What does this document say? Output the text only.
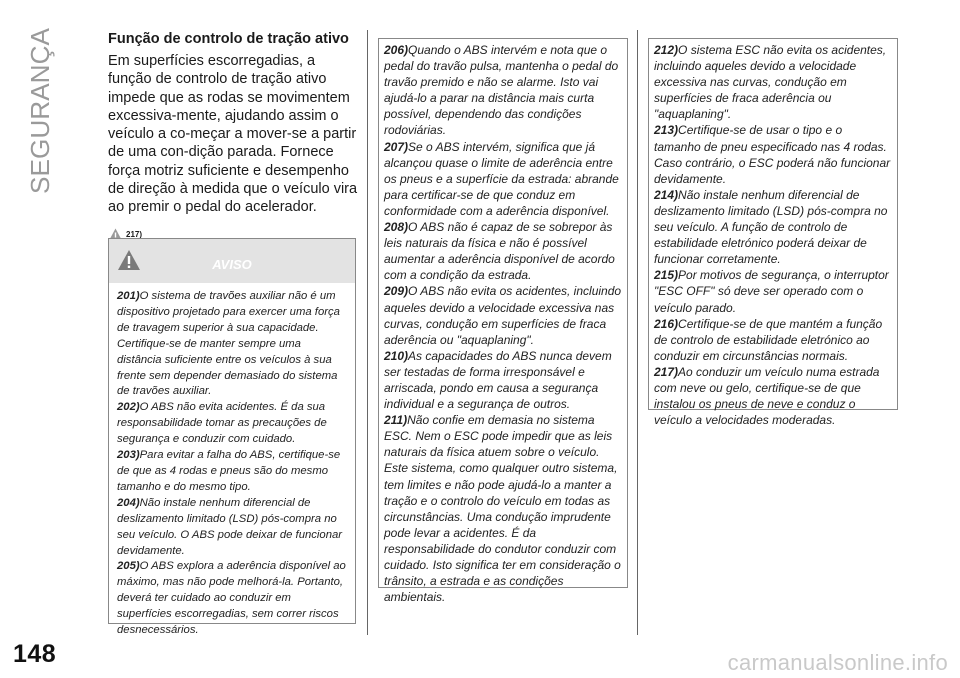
SEGURANÇA	Função de controlo de tração ativo

Em superfícies escorregadias, a função de controlo de tração ativo impede que as rodas se movimentem excessiva-mente, ajudando assim o veículo a co-meçar a mover-se a partir de uma con-dição parada. Fornece força motriz suficiente e desempenho de direção à medida que o veículo vira ao premir o pedal do acelerador.

217)
AVISO

201)O sistema de travões auxiliar não é um dispositivo projetado para exercer uma força de travagem superior à sua capacidade. Certifique-se de manter sempre uma distância suficiente entre os veículos à sua frente sem depender demasiado do sistema de travões auxiliar.

202)O ABS não evita acidentes. É da sua responsabilidade tomar as precauções de segurança e conduzir com cuidado.

203)Para evitar a falha do ABS, certifique-se de que as 4 rodas e pneus são do mesmo tamanho e do mesmo tipo.

204)Não instale nenhum diferencial de deslizamento limitado (LSD) pós-compra no seu veículo. O ABS pode deixar de funcionar devidamente.

205)O ABS explora a aderência disponível ao máximo, mas não pode melhorá-la. Portanto, deverá ter cuidado ao conduzir em superfícies escorregadias, sem correr riscos desnecessários.

206)Quando o ABS intervém e nota que o pedal do travão pulsa, mantenha o pedal do travão premido e não se alarme. Isto vai ajudá-lo a parar na distância mais curta possível, dependendo das condições rodoviárias.

207)Se o ABS intervém, significa que já alcançou quase o limite de aderência entre os pneus e a superfície da estrada: abrande para certificar-se de que conduz em conformidade com a aderência disponível.

208)O ABS não é capaz de se sobrepor às leis naturais da física e não é possível aumentar a aderência disponível de acordo com a condição da estrada.

209)O ABS não evita os acidentes, incluindo aqueles devido a velocidade excessiva nas curvas, condução em superfícies de fraca aderência ou "aquaplaning".

210)As capacidades do ABS nunca devem ser testadas de forma irresponsável e arriscada, pondo em causa a segurança individual e a segurança de outros.

211)Não confie em demasia no sistema ESC. Nem o ESC pode impedir que as leis naturais da física atuem sobre o veículo. Este sistema, como qualquer outro sistema, tem limites e não pode ajudá-lo a manter a tração e o controlo do veículo em todas as circunstâncias. Uma condução imprudente pode levar a acidentes. É da responsabilidade do condutor conduzir com cuidado. Isto significa ter em consideração o trânsito, a estrada e as condições ambientais.

212)O sistema ESC não evita os acidentes, incluindo aqueles devido a velocidade excessiva nas curvas, condução em superfícies de fraca aderência ou "aquaplaning".

213)Certifique-se de usar o tipo e o tamanho de pneu especificado nas 4 rodas. Caso contrário, o ESC poderá não funcionar devidamente.

214)Não instale nenhum diferencial de deslizamento limitado (LSD) pós-compra no seu veículo. A função de controlo de estabilidade eletrónico poderá deixar de funcionar corretamente.

215)Por motivos de segurança, o interruptor "ESC OFF" só deve ser operado com o veículo parado.

216)Certifique-se de que mantém a função de controlo de estabilidade eletrónico ao conduzir em circunstâncias normais.

217)Ao conduzir um veículo numa estrada com neve ou gelo, certifique-se de que instalou os pneus de neve e conduz o veículo a velocidades moderadas.

148	carmanualsonline.info
